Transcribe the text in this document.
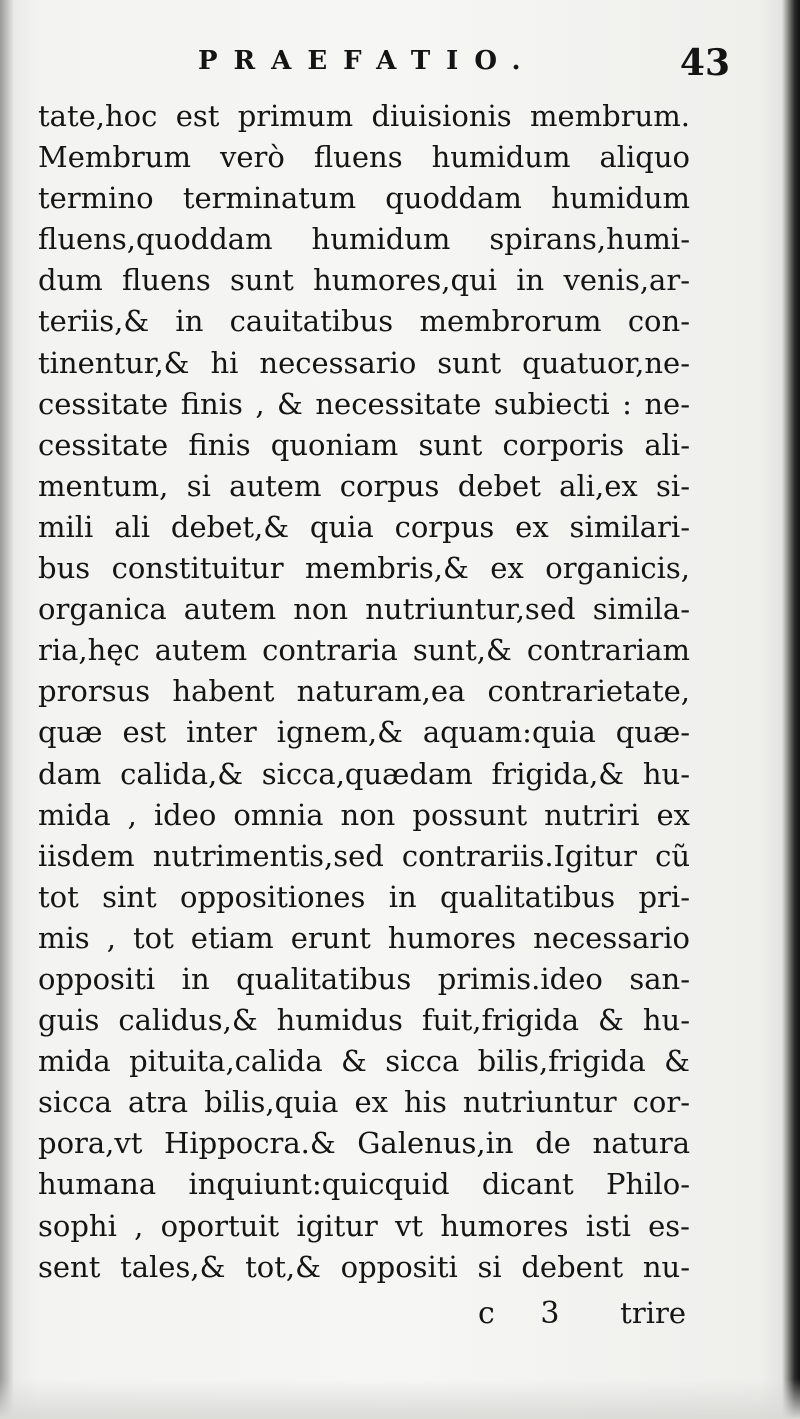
PRAEFATIO.	43
tate,hoc est primum diuisionis membrum.
Membrum verò fluens humidum aliquo
termino terminatum quoddam humidum
fluens,quoddam humidum spirans,humi-
dum fluens sunt humores,qui in venis,ar-
teriis,& in cauitatibus membrorum con-
tinentur,& hi necessario sunt quatuor,ne-
cessitate finis , & necessitate subiecti : ne-
cessitate finis quoniam sunt corporis ali-
mentum, si autem corpus debet ali,ex si-
mili ali debet,& quia corpus ex similari-
bus constituitur membris,& ex organicis,
organica autem non nutriuntur,sed simila-
ria,hęc autem contraria sunt,& contrariam
prorsus habent naturam,ea contrarietate,
quæ est inter ignem,& aquam:quia quæ-
dam calida,& sicca,quædam frigida,& hu-
mida , ideo omnia non possunt nutriri ex
iisdem nutrimentis,sed contrariis.Igitur cũ
tot sint oppositiones in qualitatibus pri-
mis , tot etiam erunt humores necessario
oppositi in qualitatibus primis.ideo san-
guis calidus,& humidus fuit,frigida & hu-
mida pituita,calida & sicca bilis,frigida &
sicca atra bilis,quia ex his nutriuntur cor-
pora,vt Hippocra.& Galenus,in de natura
humana inquiunt:quicquid dicant Philo-
sophi , oportuit igitur vt humores isti es-
sent tales,& tot,& oppositi si debent nu-
c 3 trire
